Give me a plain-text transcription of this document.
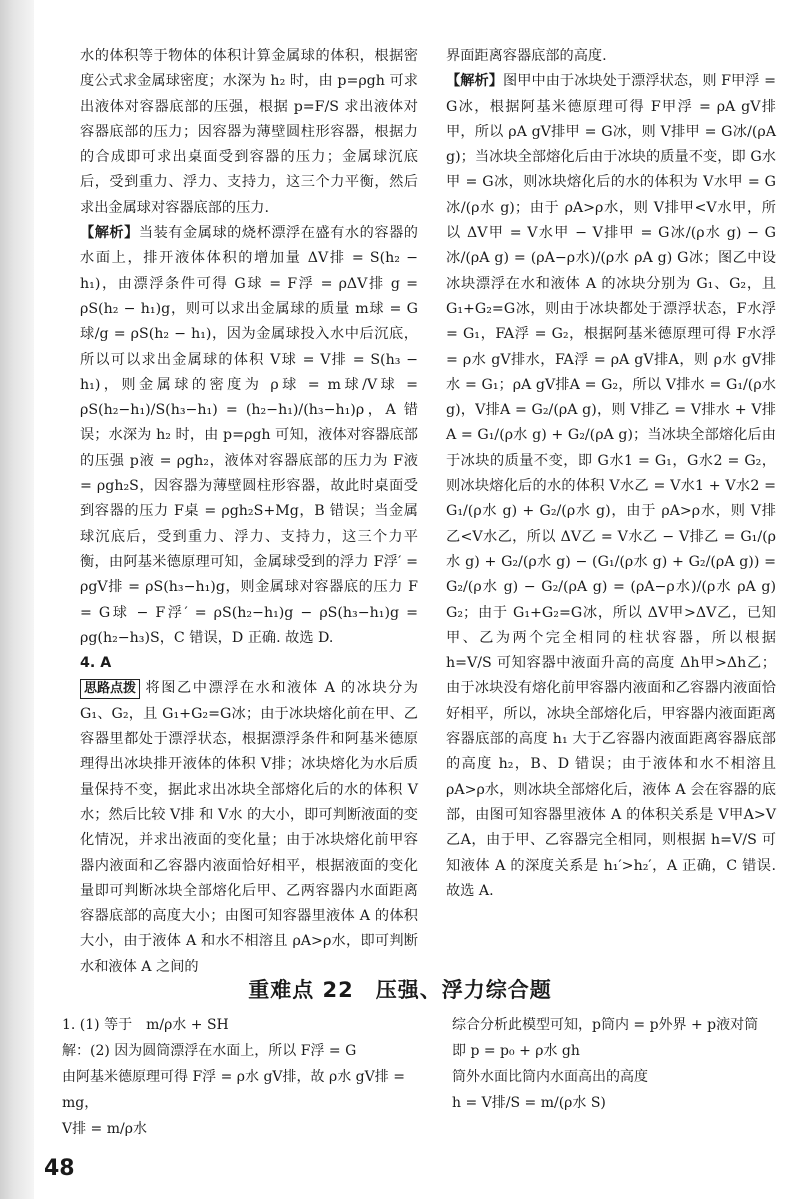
水的体积等于物体的体积计算金属球的体积，根据密度公式求金属球密度；水深为 h₂ 时，由 p=ρgh 可求出液体对容器底部的压强，根据 p=F/S 求出液体对容器底部的压力；因容器为薄壁圆柱形容器，根据力的合成即可求出桌面受到容器的压力；金属球沉底后，受到重力、浮力、支持力，这三个力平衡，然后求出金属球对容器底部的压力.

【解析】当装有金属球的烧杯漂浮在盛有水的容器的水面上，排开液体体积的增加量 ΔV排 = S(h₂ − h₁)，由漂浮条件可得 G球 = F浮 = ρΔV排 g = ρS(h₂ − h₁)g，则可以求出金属球的质量 m球 = G球/g = ρS(h₂ − h₁)，因为金属球投入水中后沉底，所以可以求出金属球的体积 V球 = V排 = S(h₃ − h₁)，则金属球的密度为 ρ球 = m球/V球 = ρS(h₂−h₁)/S(h₃−h₁) = (h₂−h₁)/(h₃−h₁)ρ，A 错误；水深为 h₂ 时，由 p=ρgh 可知，液体对容器底部的压强 p液 = ρgh₂，液体对容器底部的压力为 F液 = ρgh₂S，因容器为薄壁圆柱形容器，故此时桌面受到容器的压力 F桌 = ρgh₂S+Mg，B 错误；当金属球沉底后，受到重力、浮力、支持力，这三个力平衡，由阿基米德原理可知，金属球受到的浮力 F浮′ = ρgV排 = ρS(h₃−h₁)g，则金属球对容器底的压力 F = G球 − F浮′ = ρS(h₂−h₁)g − ρS(h₃−h₁)g = ρg(h₂−h₃)S，C 错误，D 正确. 故选 D.

4. A

思路点拨 将图乙中漂浮在水和液体 A 的冰块分为 G₁、G₂，且 G₁+G₂=G冰；由于冰块熔化前在甲、乙容器里都处于漂浮状态，根据漂浮条件和阿基米德原理得出冰块排开液体的体积 V排；冰块熔化为水后质量保持不变，据此求出冰块全部熔化后的水的体积 V水；然后比较 V排 和 V水 的大小，即可判断液面的变化情况，并求出液面的变化量；由于冰块熔化前甲容器内液面和乙容器内液面恰好相平，根据液面的变化量即可判断冰块全部熔化后甲、乙两容器内水面距离容器底部的高度大小；由图可知容器里液体 A 的体积大小，由于液体 A 和水不相溶且 ρA>ρ水，即可判断水和液体 A 之间的

界面距离容器底部的高度.

【解析】图甲中由于冰块处于漂浮状态，则 F甲浮 = G冰，根据阿基米德原理可得 F甲浮 = ρA gV排甲，所以 ρA gV排甲 = G冰，则 V排甲 = G冰/(ρA g)；当冰块全部熔化后由于冰块的质量不变，即 G水甲 = G冰，则冰块熔化后的水的体积为 V水甲 = G冰/(ρ水 g)；由于 ρA>ρ水，则 V排甲<V水甲，所以 ΔV甲 = V水甲 − V排甲 = G冰/(ρ水 g) − G冰/(ρA g) = (ρA−ρ水)/(ρ水 ρA g) G冰；图乙中设冰块漂浮在水和液体 A 的冰块分别为 G₁、G₂，且 G₁+G₂=G冰，则由于冰块都处于漂浮状态，F水浮 = G₁，FA浮 = G₂，根据阿基米德原理可得 F水浮 = ρ水 gV排水，FA浮 = ρA gV排A，则 ρ水 gV排水 = G₁；ρA gV排A = G₂，所以 V排水 = G₁/(ρ水 g)，V排A = G₂/(ρA g)，则 V排乙 = V排水 + V排A = G₁/(ρ水 g) + G₂/(ρA g)；当冰块全部熔化后由于冰块的质量不变，即 G水1 = G₁，G水2 = G₂，则冰块熔化后的水的体积 V水乙 = V水1 + V水2 = G₁/(ρ水 g) + G₂/(ρ水 g)，由于 ρA>ρ水，则 V排乙<V水乙，所以 ΔV乙 = V水乙 − V排乙 = G₁/(ρ水 g) + G₂/(ρ水 g) − (G₁/(ρ水 g) + G₂/(ρA g)) = G₂/(ρ水 g) − G₂/(ρA g) = (ρA−ρ水)/(ρ水 ρA g) G₂；由于 G₁+G₂=G冰，所以 ΔV甲>ΔV乙，已知甲、乙为两个完全相同的柱状容器，所以根据 h=V/S 可知容器中液面升高的高度 Δh甲>Δh乙；由于冰块没有熔化前甲容器内液面和乙容器内液面恰好相平，所以，冰块全部熔化后，甲容器内液面距离容器底部的高度 h₁ 大于乙容器内液面距离容器底部的高度 h₂，B、D 错误；由于液体和水不相溶且 ρA>ρ水，则冰块全部熔化后，液体 A 会在容器的底部，由图可知容器里液体 A 的体积关系是 V甲A>V乙A，由于甲、乙容器完全相同，则根据 h=V/S 可知液体 A 的深度关系是 h₁′>h₂′，A 正确，C 错误. 故选 A.

重难点 22　压强、浮力综合题
1. (1) 等于　m/ρ水 + SH
解：(2) 因为圆筒漂浮在水面上，所以 F浮 = G
由阿基米德原理可得 F浮 = ρ水 gV排，故 ρ水 gV排 = mg，
V排 = m/ρ水
综合分析此模型可知，p筒内 = p外界 + p液对筒
即 p = p₀ + ρ水 gh
筒外水面比筒内水面高出的高度
h = V排/S = m/(ρ水 S)
48
